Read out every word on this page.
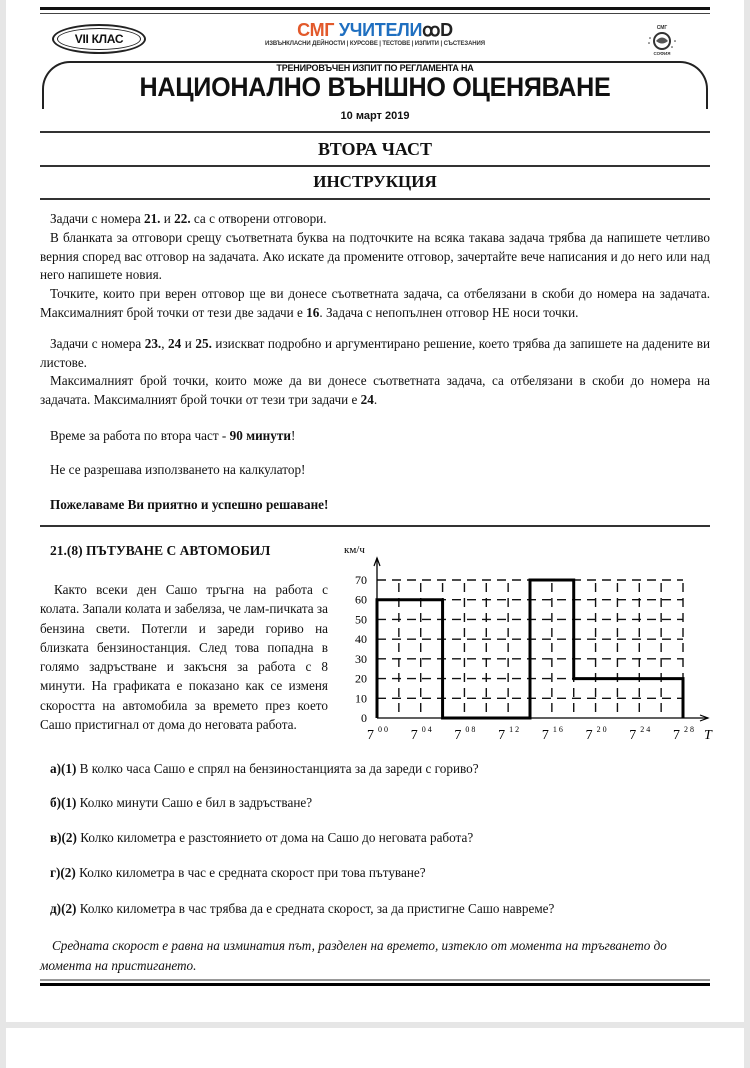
VII КЛАС	СМГ УЧИТЕЛИꝏD
ИЗВЪНКЛАСНИ ДЕЙНОСТИ | КУРСОВЕ | ТЕСТОВЕ | ИЗПИТИ | СЪСТЕЗАНИЯ
СМГ
СОФИЯ
ТРЕНИРОВЪЧЕН ИЗПИТ ПО РЕГЛАМЕНТА НА
НАЦИОНАЛНО ВЪНШНО ОЦЕНЯВАНЕ
10 март 2019
ВТОРА ЧАСТ
ИНСТРУКЦИЯ
Задачи с номера 21. и 22. са с отворени отговори.
В бланката за отговори срещу съответната буква на подточките на всяка такава задача трябва да напишете четливо верния според вас отговор на задачата. Ако искате да промените отговор, зачертайте вече написания и до него или над него напишете новия.
Точките, които при верен отговор ще ви донесе съответната задача, са отбелязани в скоби до номера на задачата. Максималният брой точки от тези две задачи е 16. Задача с непопълнен отговор НЕ носи точки.
Задачи с номера 23., 24 и 25. изискват подробно и аргументирано решение, което трябва да запишете на дадените ви листове.
Максималният брой точки, които може да ви донесе съответната задача, са отбелязани в скоби до номера на задачата. Максималният брой точки от тези три задачи е 24.
Време за работа по втора част - 90 минути!
Не се разрешава използването на калкулатор!
Пожелаваме Ви приятно и успешно решаване!
21.(8) ПЪТУВАНЕ С АВТОМОБИЛ
Както всеки ден Сашо тръгна на работа с колата. Запали колата и забеляза, че лам-пичката за бензина свети. Потегли и зареди гориво на близката бензиностанция. След това попадна в голямо задръстване и закъсня за работа с 8 минути. На графиката е показано как се изменя скоростта на автомобила за времето през което Сашо пристигнал от дома до неговата работа.	0
10
20
30
40
50
60
70
7 $^{0 0}$ 7 $^{0 4}$ 7 $^{0 8}$ 7 $^{1 2}$ 7 $^{1 6}$ 7 $^{2 0}$ 7 $^{2 4}$ 7 $^{2 8}$
км/ч
T
а)(1) В колко часа Сашо е спрял на бензиностанцията за да зареди с гориво?
б)(1) Колко минути Сашо е бил в задръстване?
в)(2) Колко километра е разстоянието от дома на Сашо до неговата работа?
г)(2) Колко километра в час е средната скорост при това пътуване?
д)(2) Колко километра в час трябва да е средната скорост, за да пристигне Сашо навреме?
Средната скорост е равна на изминатия път, разделен на времето, изтекло от момента на тръгването до момента на пристигането.
